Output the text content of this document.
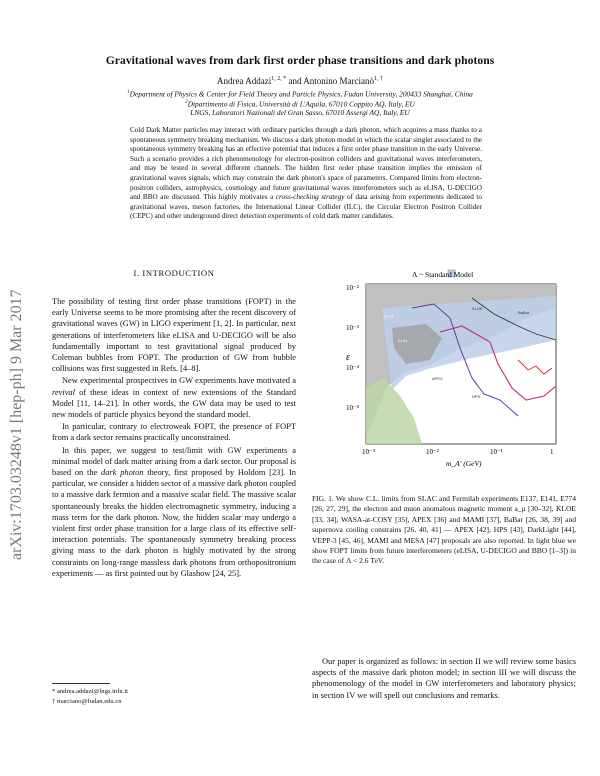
arXiv:1703.03248v1 [hep-ph] 9 Mar 2017
Gravitational waves from dark first order phase transitions and dark photons
Andrea Addazi$^{1, 2, *}$ and Antonino Marcianò$^{1, \dagger}$
$^1$Department of Physics & Center for Field Theory and Particle Physics, Fudan University, 200433 Shanghai, China
$^2$Dipartimento di Fisica, Università di L'Aquila, 67010 Coppito AQ, Italy, EU
LNGS, Laboratori Nazionali del Gran Sasso, 67010 Assergi AQ, Italy, EU
Cold Dark Matter particles may interact with ordinary particles through a dark photon, which acquires a mass thanks to a spontaneous symmetry breaking mechanism. We discuss a dark photon model in which the scalar singlet associated to the spontaneous symmetry breaking has an effective potential that induces a first order phase transition in the early Universe. Such a scenario provides a rich phenomenology for electron-positron colliders and gravitational waves interferometers, and may be tested in several different channels. The hidden first order phase transition implies the emission of gravitational waves signals, which may constrain the dark photon's space of parameters. Compared limits from electron-positron colliders, astrophysics, cosmology and future gravitational waves interferometers such as eLISA, U-DECIGO and BBO are discussed. This highly motivates a cross-checking strategy of data arising from experiments dedicated to gravitational waves, meson factories, the International Linear Collider (ILC), the Circular Electron Positron Collider (CEPC) and other underground direct detection experiments of cold dark matter candidates.
I. INTRODUCTION

The possibility of testing first order phase transitions (FOPT) in the early Universe seems to be more promising after the recent discovery of gravitational waves (GW) in LIGO experiment [1, 2]. In particular, next generations of interferometers like eLISA and U-DECIGO will be also fundamentally important to test gravitational signal produced by Coleman bubbles from FOPT. The production of GW from bubble collisions was first suggested in Refs. [4–8].

New experimental prospectives in GW experiments have motivated a revival of these ideas in context of new extensions of the Standard Model [11, 14–21]. In other words, the GW data may be used to test new models of particle physics beyond the standard model.

In particular, contrary to electroweak FOPT, the presence of FOPT from a dark sector remains practically unconstrained.

In this paper, we suggest to test/limit with GW experiments a minimal model of dark matter arising from a dark sector. Our proposal is based on the dark photon theory, first proposed by Holdom [23]. In particular, we consider a hidden sector of a massive dark photon coupled to a massive dark fermion and a massive scalar field. The massive scalar spontaneously breaks the hidden electromagnetic symmetry, inducing a mass term for the dark photon. Now, the hidden scalar may undergo a violent first order phase transition for a large class of its effective self-interaction potentials. The spontaneously symmetry breaking process giving mass to the dark photon is highly motivated by the strong constraints on long-range massless dark photons from orthopositronium experiments — as first pointed out by Glashow [24, 25].

* andrea.addazi@lngs.infn.it
† marciano@fudan.edu.cn
Λ ~ Standard Model
ε
10⁻²
10⁻³
10⁻⁴
10⁻⁵
10⁻³	10⁻²	10⁻¹	1
m_A' (GeV)
E774
E141
KLOE
BaBar
APEX
HPS
FIG. 1. We show C.L. limits from SLAC and Fermilab experiments E137, E141, E774 [26, 27, 29], the electron and muon anomalous magnetic moment a_μ [30–32], KLOE [33, 34], WASA-at-COSY [35], APEX [36] and MAMI [37], BaBar [26, 38, 39] and supernova cooling constrains [26, 40, 41] — APEX [42], HPS [43], DarkLight [44], VEPP-3 [45, 46], MAMI and MESA [47] proposals are also reported. In light blue we show FOPT limits from future interferometers (eLISA, U-DECIGO and BBO [1–3]) in the case of Λ < 2.6 TeV.

Our paper is organized as follows: in section II we will review some basics aspects of the massive dark photon model; in section III we will discuss the phenomenology of the model in GW interferometers and laboratory physics; in section IV we will spell out conclusions and remarks.
